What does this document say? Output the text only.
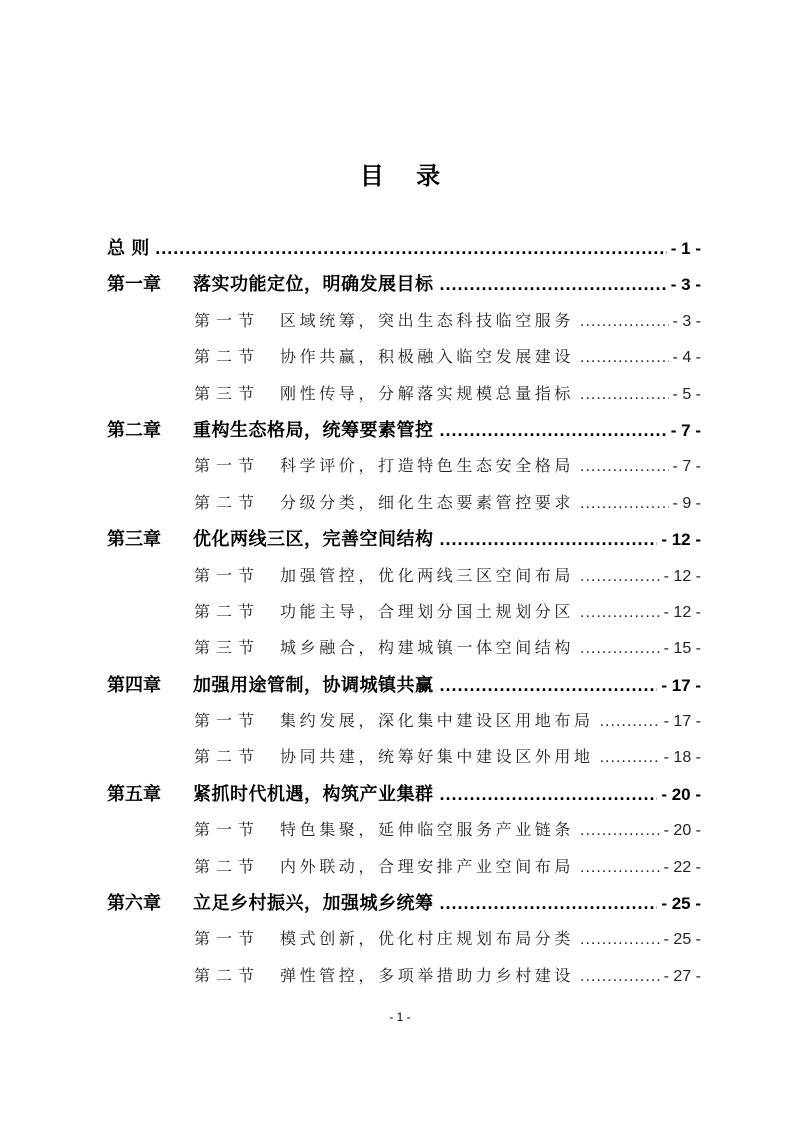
目 录
总 则 .....	- 1 -
第一章 落实功能定位，明确发展目标 .....	- 3 -
第一节 区域统筹，突出生态科技临空服务 .....	- 3 -
第二节 协作共赢，积极融入临空发展建设 .....	- 4 -
第三节 刚性传导，分解落实规模总量指标 .....	- 5 -
第二章 重构生态格局，统筹要素管控 .....	- 7 -
第一节 科学评价，打造特色生态安全格局 .....	- 7 -
第二节 分级分类，细化生态要素管控要求 .....	- 9 -
第三章 优化两线三区，完善空间结构 .....	- 12 -
第一节 加强管控，优化两线三区空间布局 .....	- 12 -
第二节 功能主导，合理划分国土规划分区 .....	- 12 -
第三节 城乡融合，构建城镇一体空间结构 .....	- 15 -
第四章 加强用途管制，协调城镇共赢 .....	- 17 -
第一节 集约发展，深化集中建设区用地布局 .....	- 17 -
第二节 协同共建，统筹好集中建设区外用地 .....	- 18 -
第五章 紧抓时代机遇，构筑产业集群 .....	- 20 -
第一节 特色集聚，延伸临空服务产业链条 .....	- 20 -
第二节 内外联动，合理安排产业空间布局 .....	- 22 -
第六章 立足乡村振兴，加强城乡统筹 .....	- 25 -
第一节 模式创新，优化村庄规划布局分类 .....	- 25 -
第二节 弹性管控，多项举措助力乡村建设 .....	- 27 -
- 1 -
